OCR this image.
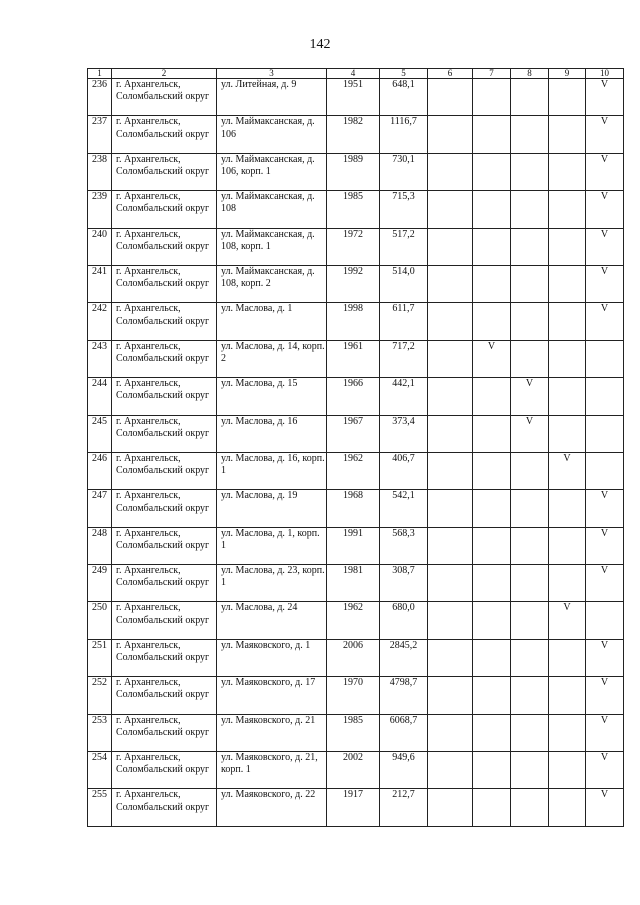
142
1	2	3	4	5	6	7	8	9	10
236	г. Архангельск, Соломбальский округ	ул. Литейная, д. 9	1951	648,1					V
237	г. Архангельск, Соломбальский округ	ул. Маймаксанская, д. 106	1982	1116,7					V
238	г. Архангельск, Соломбальский округ	ул. Маймаксанская, д. 106, корп. 1	1989	730,1					V
239	г. Архангельск, Соломбальский округ	ул. Маймаксанская, д. 108	1985	715,3					V
240	г. Архангельск, Соломбальский округ	ул. Маймаксанская, д. 108, корп. 1	1972	517,2					V
241	г. Архангельск, Соломбальский округ	ул. Маймаксанская, д. 108, корп. 2	1992	514,0					V
242	г. Архангельск, Соломбальский округ	ул. Маслова, д. 1	1998	611,7					V
243	г. Архангельск, Соломбальский округ	ул. Маслова, д. 14, корп. 2	1961	717,2		V			
244	г. Архангельск, Соломбальский округ	ул. Маслова, д. 15	1966	442,1			V		
245	г. Архангельск, Соломбальский округ	ул. Маслова, д. 16	1967	373,4			V		
246	г. Архангельск, Соломбальский округ	ул. Маслова, д. 16, корп. 1	1962	406,7				V	
247	г. Архангельск, Соломбальский округ	ул. Маслова, д. 19	1968	542,1					V
248	г. Архангельск, Соломбальский округ	ул. Маслова, д. 1, корп. 1	1991	568,3					V
249	г. Архангельск, Соломбальский округ	ул. Маслова, д. 23, корп. 1	1981	308,7					V
250	г. Архангельск, Соломбальский округ	ул. Маслова, д. 24	1962	680,0				V	
251	г. Архангельск, Соломбальский округ	ул. Маяковского, д. 1	2006	2845,2					V
252	г. Архангельск, Соломбальский округ	ул. Маяковского, д. 17	1970	4798,7					V
253	г. Архангельск, Соломбальский округ	ул. Маяковского, д. 21	1985	6068,7					V
254	г. Архангельск, Соломбальский округ	ул. Маяковского, д. 21, корп. 1	2002	949,6					V
255	г. Архангельск, Соломбальский округ	ул. Маяковского, д. 22	1917	212,7					V
